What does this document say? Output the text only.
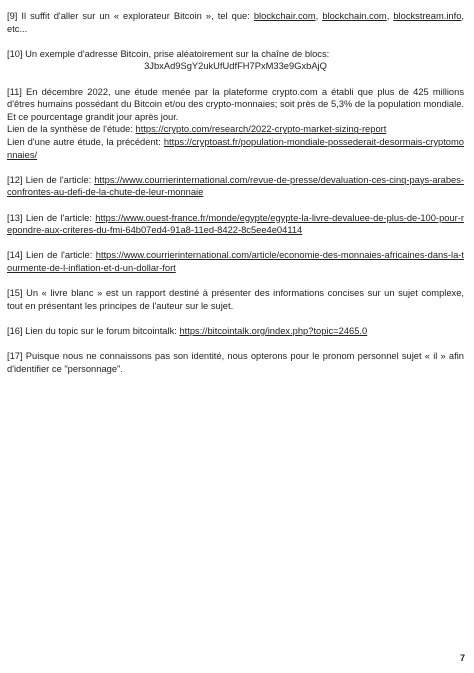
[9] Il suffit d'aller sur un « explorateur Bitcoin », tel que: blockchair.com, blockchain.com, blockstream.info, etc...

[10] Un exemple d'adresse Bitcoin, prise aléatoirement sur la chaîne de blocs:

3JbxAd9SgY2ukUfUdfFH7PxM33e9GxbAjQ

[11] En décembre 2022, une étude menée par la plateforme crypto.com a établi que plus de 425 millions d'êtres humains possédant du Bitcoin et/ou des crypto-monnaies; soit près de 5,3% de la population mondiale. Et ce pourcentage grandit jour après jour.

Lien de la synthèse de l'étude: https://crypto.com/research/2022-crypto-market-sizing-report

Lien d'une autre étude, la précédent: https://cryptoast.fr/population-mondiale-possederait-desormais-cryptomonnaies/

[12] Lien de l'article: https://www.courrierinternational.com/revue-de-presse/devaluation-ces-cinq-pays-arabes-confrontes-au-defi-de-la-chute-de-leur-monnaie
[13] Lien de l'article: https://www.ouest-france.fr/monde/egypte/egypte-la-livre-devaluee-de-plus-de-100-pour-repondre-aux-criteres-du-fmi-64b07ed4-91a8-11ed-8422-8c5ee4e04114
[14] Lien de l'article: https://www.courrierinternational.com/article/economie-des-monnaies-africaines-dans-la-tourmente-de-l-inflation-et-d-un-dollar-fort
[15] Un « livre blanc » est un rapport destiné à présenter des informations concises sur un sujet complexe, tout en présentant les principes de l'auteur sur le sujet.
[16] Lien du topic sur le forum bitcointalk: https://bitcointalk.org/index.php?topic=2465.0
[17] Puisque nous ne connaissons pas son identité, nous opterons pour le pronom personnel sujet « il » afin d'identifier ce "personnage".
7
